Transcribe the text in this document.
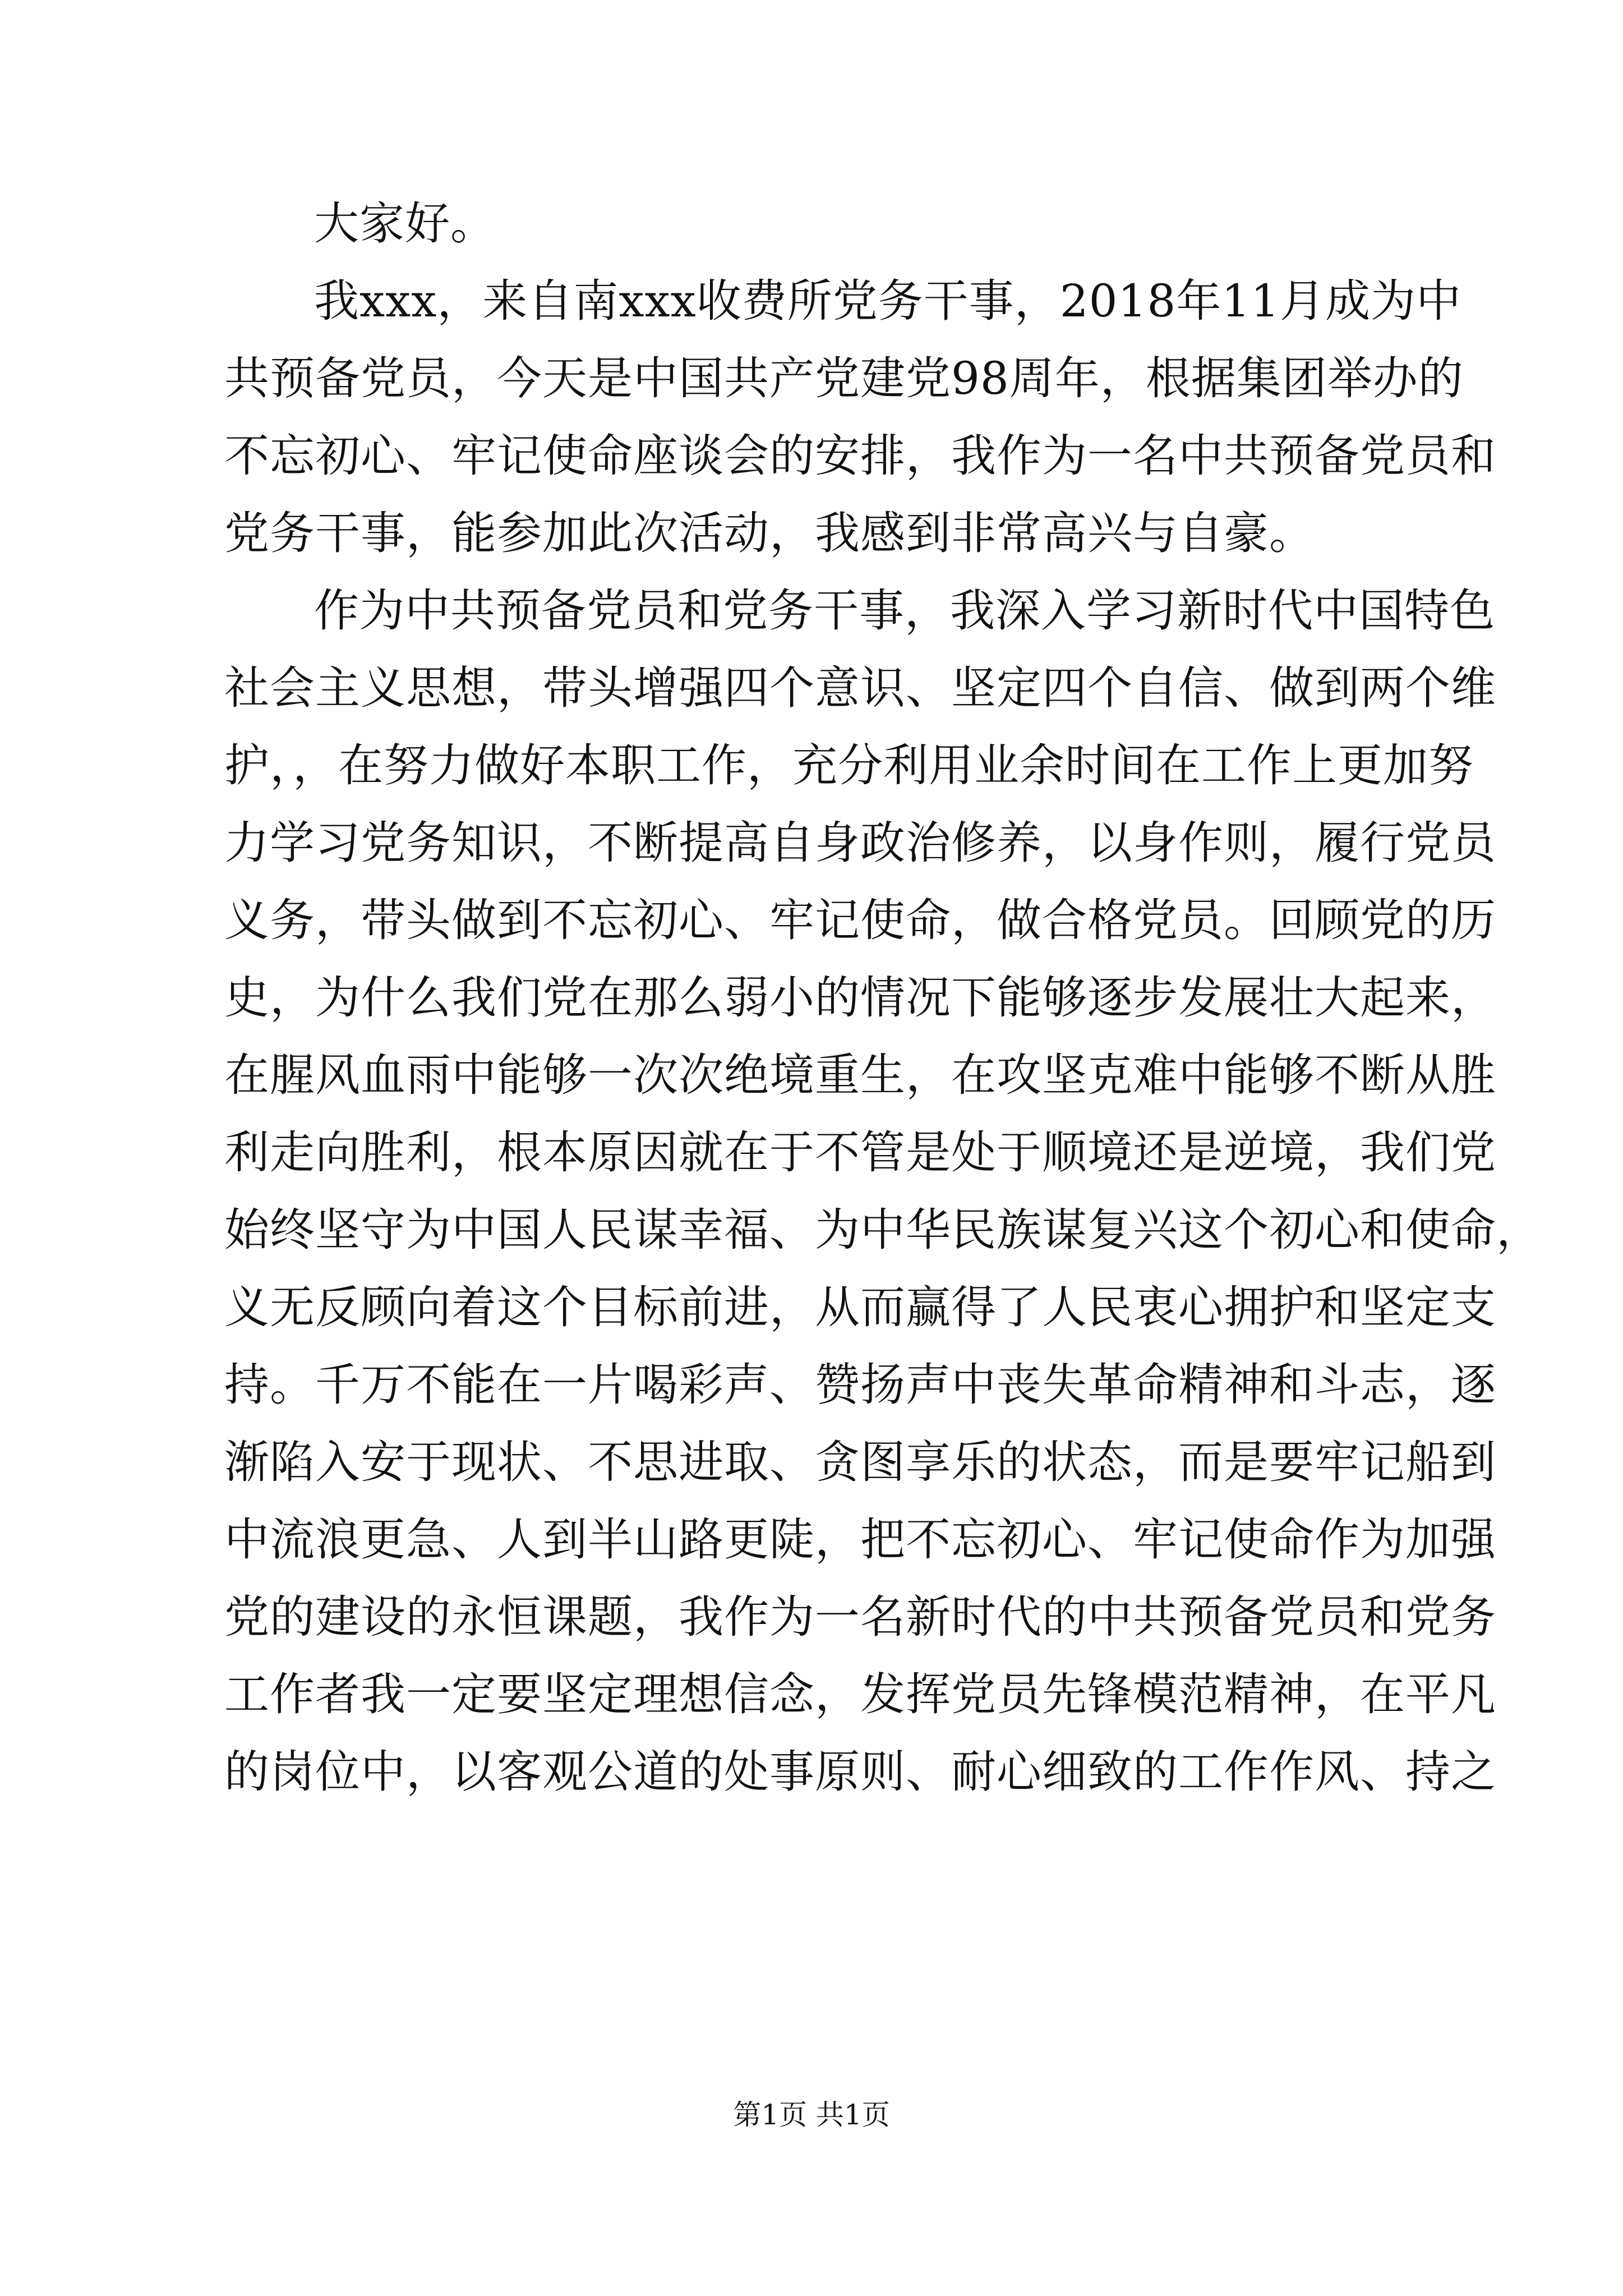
大家好。
我xxx，来自南xxx收费所党务干事，2018年11月成为中
共预备党员，今天是中国共产党建党98周年，根据集团举办的
不忘初心、牢记使命座谈会的安排，我作为一名中共预备党员和
党务干事，能参加此次活动，我感到非常高兴与自豪。
作为中共预备党员和党务干事，我深入学习新时代中国特色
社会主义思想，带头增强四个意识、坚定四个自信、做到两个维
护，，在努力做好本职工作，充分利用业余时间在工作上更加努
力学习党务知识，不断提高自身政治修养，以身作则，履行党员
义务，带头做到不忘初心、牢记使命，做合格党员。回顾党的历
史，为什么我们党在那么弱小的情况下能够逐步发展壮大起来，
在腥风血雨中能够一次次绝境重生，在攻坚克难中能够不断从胜
利走向胜利，根本原因就在于不管是处于顺境还是逆境，我们党
始终坚守为中国人民谋幸福、为中华民族谋复兴这个初心和使命，
义无反顾向着这个目标前进，从而赢得了人民衷心拥护和坚定支
持。千万不能在一片喝彩声、赞扬声中丧失革命精神和斗志，逐
渐陷入安于现状、不思进取、贪图享乐的状态，而是要牢记船到
中流浪更急、人到半山路更陡，把不忘初心、牢记使命作为加强
党的建设的永恒课题，我作为一名新时代的中共预备党员和党务
工作者我一定要坚定理想信念，发挥党员先锋模范精神，在平凡
的岗位中，以客观公道的处事原则、耐心细致的工作作风、持之
第1页 共1页
